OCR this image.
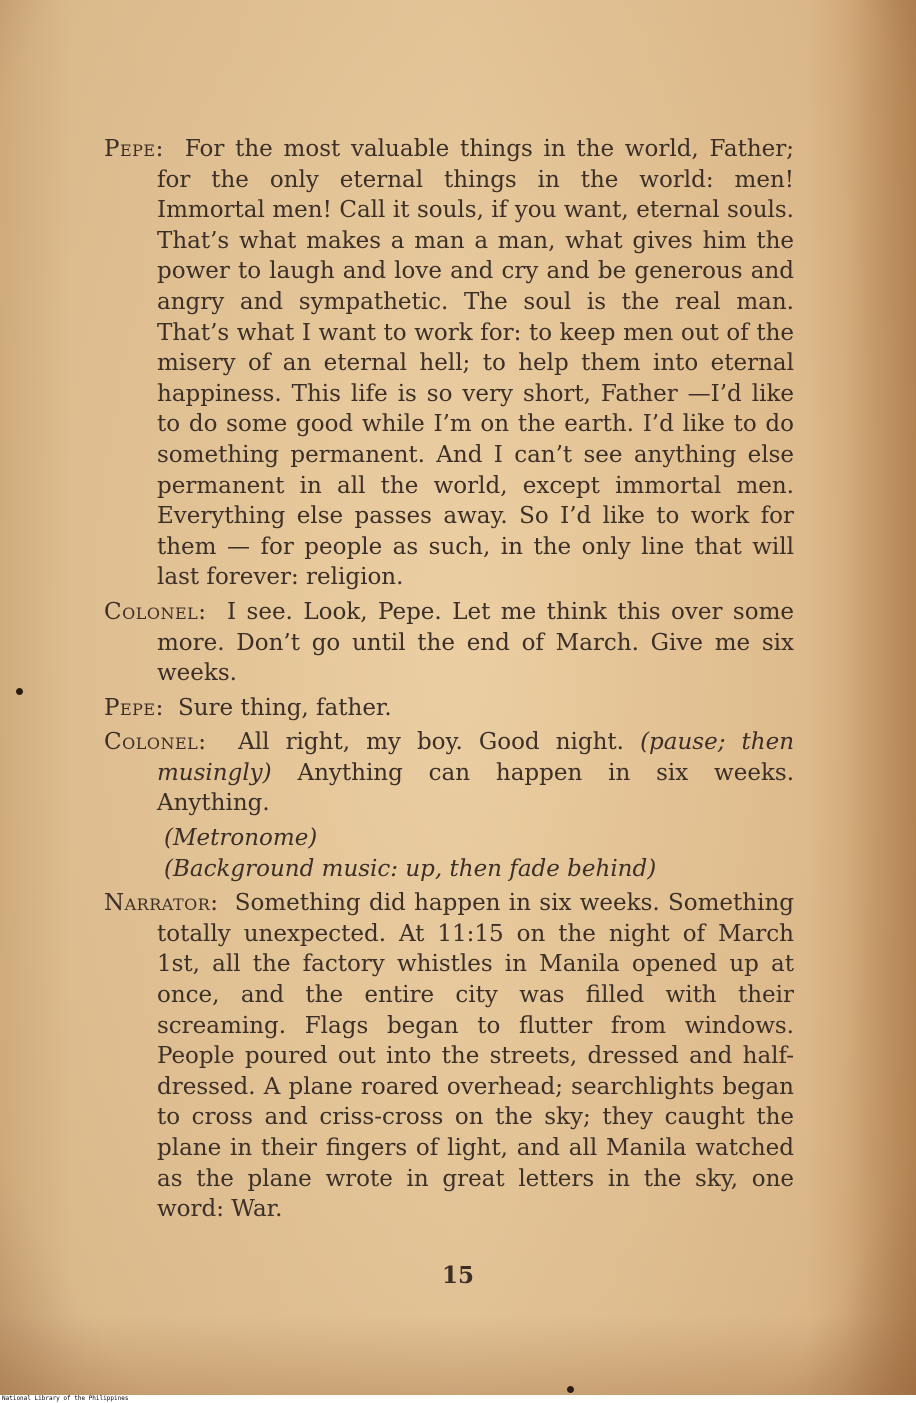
Pepe:  For the most valuable things in the world, Father; for the only eternal things in the world: men! Immortal men! Call it souls, if you want, eternal souls. That’s what makes a man a man, what gives him the power to laugh and love and cry and be generous and angry and sympathetic. The soul is the real man. That’s what I want to work for: to keep men out of the misery of an eternal hell; to help them into eternal happiness. This life is so very short, Father —I’d like to do some good while I’m on the earth. I’d like to do something permanent. And I can’t see anything else permanent in all the world, except immortal men. Everything else passes away. So I’d like to work for them — for people as such, in the only line that will last forever: religion.

Colonel:  I see. Look, Pepe. Let me think this over some more. Don’t go until the end of March. Give me six weeks.

Pepe:  Sure thing, father.

Colonel:  All right, my boy. Good night. (pause; then musingly) Anything can happen in six weeks. Anything.

(Metronome)

(Background music: up, then fade behind)

Narrator:  Something did happen in six weeks. Something totally unexpected. At 11:15 on the night of March 1st, all the factory whistles in Manila opened up at once, and the entire city was filled with their screaming. Flags began to flutter from windows. People poured out into the streets, dressed and half-dressed. A plane roared overhead; searchlights began to cross and criss-cross on the sky; they caught the plane in their fingers of light, and all Manila watched as the plane wrote in great letters in the sky, one word: War.

15
National Library of the Philippines
